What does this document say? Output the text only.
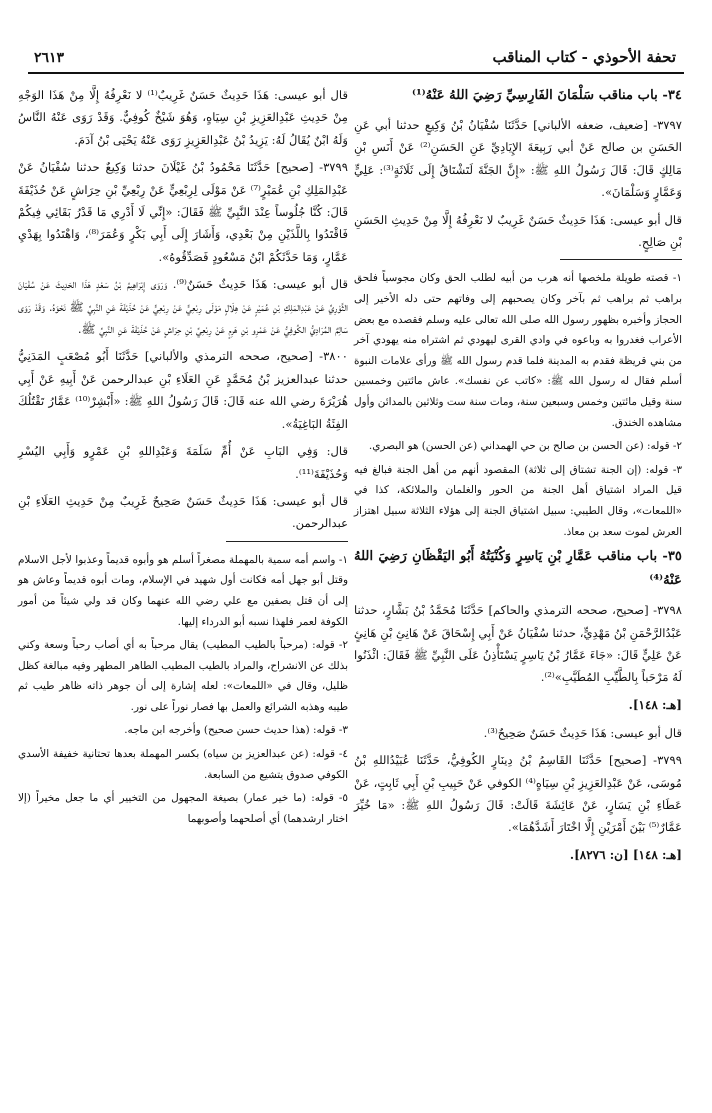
تحفة الأحوذي - كتاب المناقب
٢٦١٣

٣٤- باب مناقب سَلْمَانَ الفَارِسِيِّ رَضِيَ اللهُ عَنْهُ⁽¹⁾

٣٧٩٧- [ضعيف، ضعفه الألباني] حَدَّثَنَا سُفْيَانُ بْنُ وَكِيعٍ حدثنا أبي عَنِ الحَسَنِ بن صالح عَنْ أبي رَبِيعَةَ الإِيَادِيِّ عَنِ الحَسَنِ⁽²⁾ عَنْ أَنَسِ بْنِ مَالِكٍ قَالَ: قَالَ رَسُولُ اللهِ ﷺ: «إِنَّ الجَنَّةَ لَتَشْتَاقُ إِلَى ثَلَاثَةٍ⁽³⁾: عَلِيٍّ وَعَمَّارٍ وَسَلْمَانَ».

قال أبو عيسى: هَذَا حَدِيثٌ حَسَنٌ غَرِيبٌ لا نَعْرِفُهُ إِلَّا مِنْ حَدِيثِ الحَسَنِ بْنِ صَالِحٍ.

١- قصته طويلة ملخصها أنه هرب من أبيه لطلب الحق وكان مجوسياً فلحق براهب ثم براهب ثم بآخر وكان يصحبهم إلى وفاتهم حتى دله الأخير إلى الحجاز وأخبره بظهور رسول الله صلى الله تعالى عليه وسلم فقصده مع بعض الأعراب فغدروا به وباعوه في وادي القرى ليهودي ثم اشتراه منه يهودي آخر من بني قريظة فقدم به المدينة فلما قدم رسول الله ﷺ ورأى علامات النبوة أسلم فقال له رسول الله ﷺ: «كاتب عن نفسك». عاش مائتين وخمسين سنة وقيل مائتين وخمس وسبعين سنة، ومات سنة ست وثلاثين بالمدائن وأول مشاهده الخندق.

٢- قوله: (عن الحسن بن صالح بن حي الهمداني (عن الحسن) هو البصري.

٣- قوله: (إن الجنة تشتاق إلى ثلاثة) المقصود أنهم من أهل الجنة فبالغ فيه قيل المراد اشتياق أهل الجنة من الحور والغلمان والملائكة، كذا في «اللمعات»، وقال الطيبي: سبيل اشتياق الجنة إلى هؤلاء الثلاثة سبيل اهتزاز العرش لموت سعد بن معاذ.

٣٥- باب مناقب عَمَّارِ بْنِ يَاسِرٍ وَكُنْيَتُهُ أَبُو اليَقْظَانِ رَضِيَ اللهُ عَنْهُ⁽⁴⁾

٣٧٩٨- [صحيح، صححه الترمذي والحاكم] حَدَّثَنَا مُحَمَّدُ بْنُ بَشَّارٍ، حدثنا عَبْدُالرَّحْمَنِ بْنُ مَهْدِيٍّ، حدثنا سُفْيَانُ عَنْ أَبِي إِسْحَاقَ عَنْ هَانِئِ بْنِ هَانِئٍ عَنْ عَلِيٍّ قَالَ: «جَاءَ عَمَّارُ بْنُ يَاسِرٍ يَسْتَأْذِنُ عَلَى النَّبِيِّ ﷺ فَقَالَ: ائْذَنُوا لَهُ مَرْحَباً بِالطَّيِّبِ المُطَيَّبِ»⁽²⁾.

[هـ: ١٤٨].

قال أبو عيسى: هَذَا حَدِيثٌ حَسَنٌ صَحِيحٌ⁽³⁾.

٣٧٩٩- [صحيح] حَدَّثَنَا القَاسِمُ بْنُ دِينَارٍ الكُوفِيُّ، حَدَّثَنَا عُبَيْدُاللهِ بْنُ مُوسَى، عَنْ عَبْدِالعَزِيزِ بْنِ سِيَاهٍ⁽⁴⁾ الكوفي عَنْ حَبِيبِ بْنِ أَبِي ثَابِتٍ، عَنْ عَطَاءِ بْنِ يَسَارٍ، عَنْ عَائِشَةَ قَالَتْ: قَالَ رَسُولُ اللهِ ﷺ: «مَا خُيِّرَ عَمَّارٌ⁽⁵⁾ بَيْنَ أَمْرَيْنِ إِلَّا اخْتَارَ أَشَدَّهُمَا».

[هـ: ١٤٨] [ن: ٨٢٧٦].

قال أبو عيسى: هَذَا حَدِيثٌ حَسَنٌ غَرِيبٌ⁽¹⁾ لا نَعْرِفُهُ إِلَّا مِنْ هَذَا الوَجْهِ مِنْ حَدِيثِ عَبْدِالعَزِيزِ بْنِ سِيَاهٍ، وَهُوَ شَيْخٌ كُوفِيٌّ. وَقَدْ رَوَى عَنْهُ النَّاسُ وَلَهُ ابْنٌ يُقَالُ لَهُ: يَزِيدُ بْنُ عَبْدِالعَزِيزِ رَوَى عَنْهُ يَحْيَى بْنُ آدَمَ.

٣٧٩٩- [صحيح] حَدَّثَنَا مَحْمُودُ بْنُ غَيْلَانَ حدثنا وَكِيعٌ حدثنا سُفْيَانُ عَنْ عَبْدِالمَلِكِ بْنِ عُمَيْرٍ⁽⁷⁾ عَنْ مَوْلَى لِرِبْعِيٍّ عَنْ رِبْعِيِّ بْنِ حِرَاشٍ عَنْ حُذَيْفَةَ قَالَ: كُنَّا جُلُوساً عِنْدَ النَّبِيِّ ﷺ فَقَالَ: «إِنِّي لَا أَدْرِي مَا قَدْرُ بَقَائِي فِيكُمْ فَاقْتَدُوا بِاللَّذَيْنِ مِنْ بَعْدِي، وَأَشَارَ إِلَى أَبِي بَكْرٍ وَعُمَرَ⁽⁸⁾، وَاهْتَدُوا بِهَدْيِ عَمَّارٍ، وَمَا حَدَّثَكُمْ ابْنُ مَسْعُودٍ فَصَدِّقُوهُ».

قال أبو عيسى: هَذَا حَدِيثٌ حَسَنٌ⁽⁹⁾. وَرَوَى إِبْرَاهِيمُ بْنُ سَعْدٍ هَذَا الحَدِيثَ عَنْ سُفْيَانَ الثَّوْرِيِّ عَنْ عَبْدِالمَلِكِ بْنِ عُمَيْرٍ عَنْ هِلَالٍ مَوْلَى رِبْعِيٍّ عَنْ رِبْعِيٍّ عَنْ حُذَيْفَةَ عَنِ النَّبِيِّ ﷺ نَحْوَهُ. وَقَدْ رَوَى سَالِمٌ المُرَادِيُّ الكُوفِيُّ عَنْ عَمْرِو بْنِ هَرِمٍ عَنْ رِبْعِيِّ بْنِ حِرَاشٍ عَنْ حُذَيْفَةَ عَنِ النَّبِيِّ ﷺ.

٣٨٠٠- [صحيح، صححه الترمذي والألباني] حَدَّثَنَا أَبُو مُصْعَبٍ المَدَنِيُّ حدثنا عبدالعزيز بْنُ مُحَمَّدٍ عَنِ العَلَاءِ بْنِ عبدالرحمن عَنْ أَبِيهِ عَنْ أَبِي هُرَيْرَةَ رضي الله عنه قَالَ: قَالَ رَسُولُ اللهِ ﷺ: «أَبْشِرْ⁽¹⁰⁾ عَمَّارُ تَقْتُلُكَ الفِئَةُ البَاغِيَةُ».

قال: وَفِي البَابِ عَنْ أُمِّ سَلَمَةَ وَعَبْدِاللهِ بْنِ عَمْرٍو وَأَبِي اليُسْرِ وَحُذَيْفَةَ⁽¹¹⁾.

قال أبو عيسى: هَذَا حَدِيثٌ حَسَنٌ صَحِيحٌ غَرِيبٌ مِنْ حَدِيثِ العَلَاءِ بْنِ عبدالرحمن.

١- واسم أمه سمية بالمهملة مصغراً أسلم هو وأبوه قديماً وعذبوا لأجل الاسلام وقتل أبو جهل أمه فكانت أول شهيد في الإسلام، ومات أبوه قديماً وعاش هو إلى أن قتل بصفين مع علي رضي الله عنهما وكان قد ولي شيئاً من أمور الكوفة لعمر فلهذا نسبه أبو الدرداء إليها.

٢- قوله: (مرحباً بالطيب المطيب) يقال مرحباً به أي أصاب رحباً وسعة وكني بذلك عن الانشراح، والمراد بالطيب المطيب الطاهر المطهر وفيه مبالغة كظل ظليل، وقال في «اللمعات»: لعله إشارة إلى أن جوهر ذاته ظاهر طيب ثم طيبه وهذبه الشرائع والعمل بها فصار نوراً على نور.

٣- قوله: (هذا حديث حسن صحيح) وأخرجه ابن ماجه.

٤- قوله: (عن عبدالعزيز بن سياه) بكسر المهملة بعدها تحتانية خفيفة الأسدي الكوفي صدوق يتشيع من السابعة.

٥- قوله: (ما خير عمار) بصيغة المجهول من التخيير أي ما جعل مخيراً (إلا اختار ارشدهما) أي أصلحهما وأصوبهما
